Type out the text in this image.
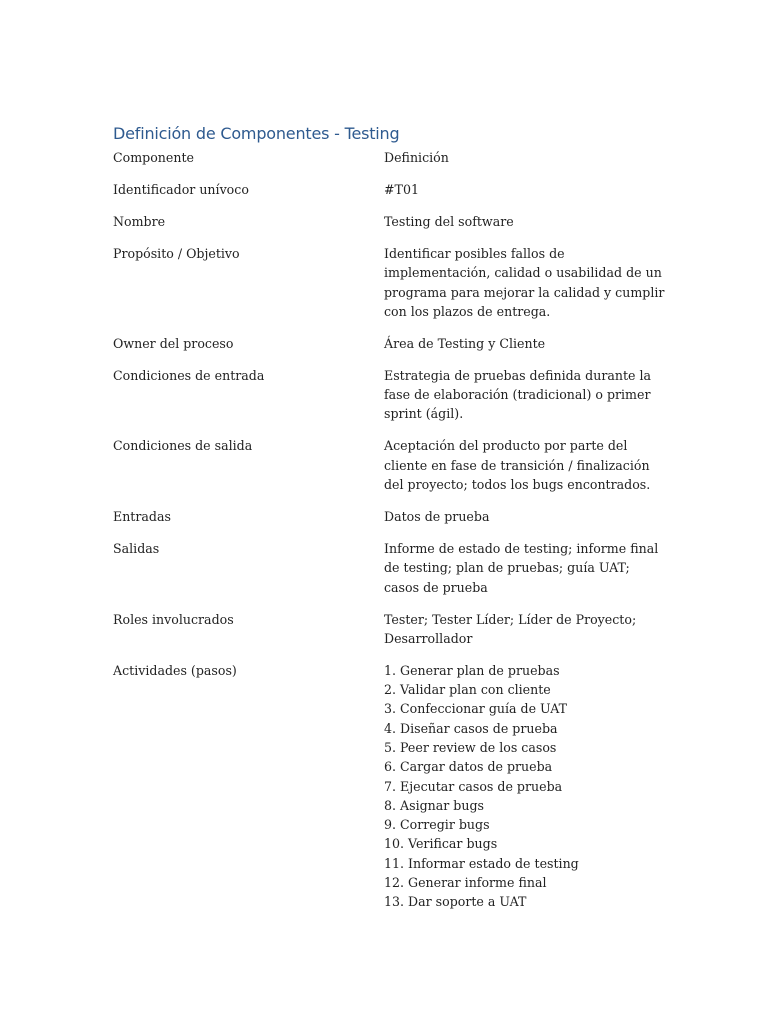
Definición de Componentes - Testing
Componente	Definición
Identificador unívoco	#T01
Nombre	Testing del software
Propósito / Objetivo	Identificar posibles fallos de
implementación, calidad o usabilidad de un
programa para mejorar la calidad y cumplir
con los plazos de entrega.
Owner del proceso	Área de Testing y Cliente
Condiciones de entrada	Estrategia de pruebas definida durante la
fase de elaboración (tradicional) o primer
sprint (ágil).
Condiciones de salida	Aceptación del producto por parte del
cliente en fase de transición / finalización
del proyecto; todos los bugs encontrados.
Entradas	Datos de prueba
Salidas	Informe de estado de testing; informe final
de testing; plan de pruebas; guía UAT;
casos de prueba
Roles involucrados	Tester; Tester Líder; Líder de Proyecto;
Desarrollador
Actividades (pasos)	1. Generar plan de pruebas
2. Validar plan con cliente
3. Confeccionar guía de UAT
4. Diseñar casos de prueba
5. Peer review de los casos
6. Cargar datos de prueba
7. Ejecutar casos de prueba
8. Asignar bugs
9. Corregir bugs
10. Verificar bugs
11. Informar estado de testing
12. Generar informe final
13. Dar soporte a UAT
